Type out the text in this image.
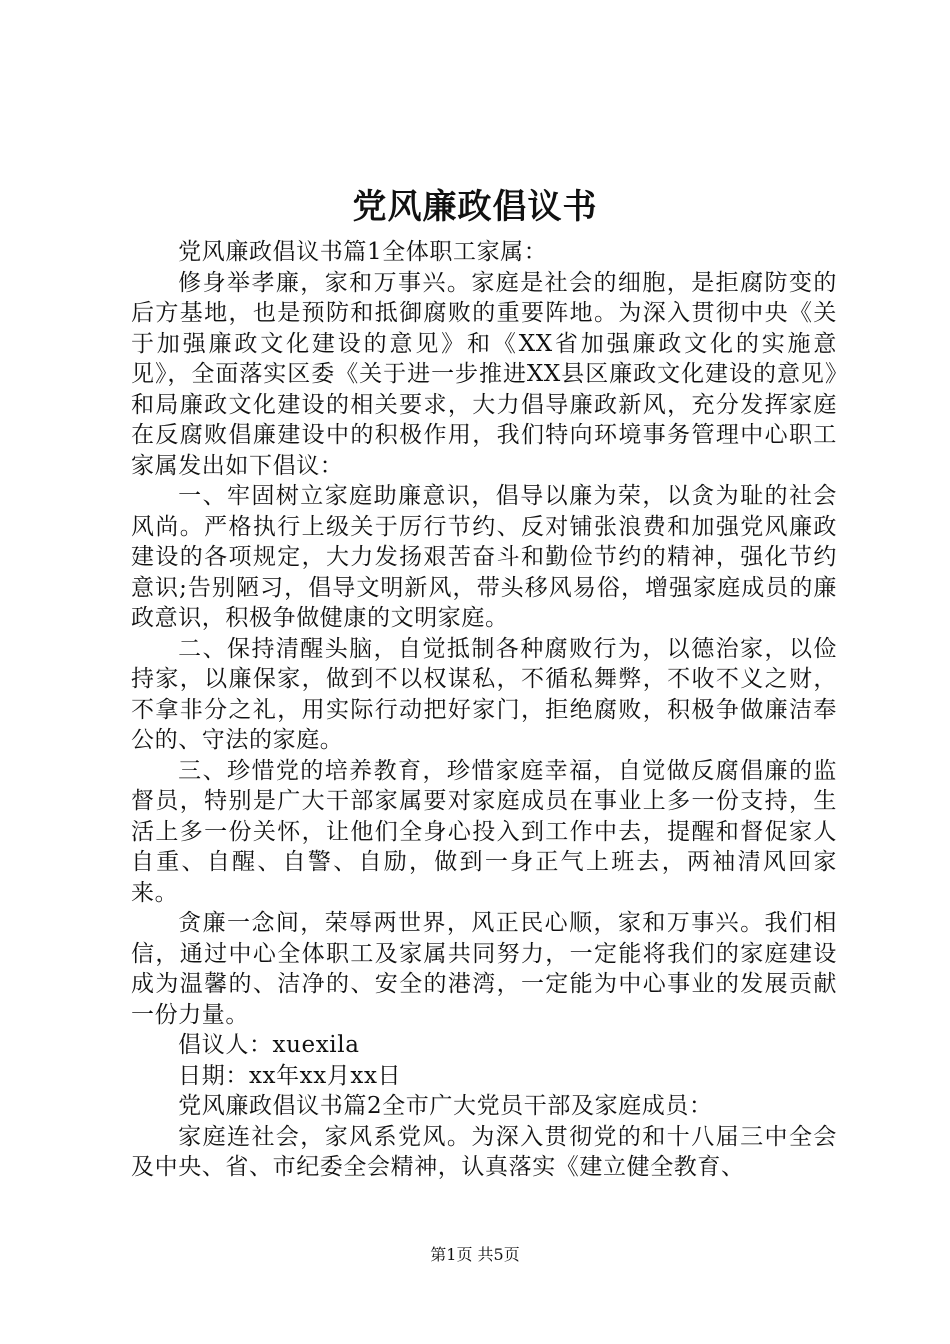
党风廉政倡议书

党风廉政倡议书篇1全体职工家属：

修身举孝廉，家和万事兴。家庭是社会的细胞，是拒腐防变的后方基地，也是预防和抵御腐败的重要阵地。为深入贯彻中央《关于加强廉政文化建设的意见》和《XX省加强廉政文化的实施意见》，全面落实区委《关于进一步推进XX县区廉政文化建设的意见》和局廉政文化建设的相关要求，大力倡导廉政新风，充分发挥家庭在反腐败倡廉建设中的积极作用，我们特向环境事务管理中心职工家属发出如下倡议：

一、牢固树立家庭助廉意识，倡导以廉为荣，以贪为耻的社会风尚。严格执行上级关于厉行节约、反对铺张浪费和加强党风廉政建设的各项规定，大力发扬艰苦奋斗和勤俭节约的精神，强化节约意识;告别陋习，倡导文明新风，带头移风易俗，增强家庭成员的廉政意识，积极争做健康的文明家庭。

二、保持清醒头脑，自觉抵制各种腐败行为，以德治家，以俭持家，以廉保家，做到不以权谋私，不循私舞弊，不收不义之财，不拿非分之礼，用实际行动把好家门，拒绝腐败，积极争做廉洁奉公的、守法的家庭。

三、珍惜党的培养教育，珍惜家庭幸福，自觉做反腐倡廉的监督员，特别是广大干部家属要对家庭成员在事业上多一份支持，生活上多一份关怀，让他们全身心投入到工作中去，提醒和督促家人自重、自醒、自警、自励，做到一身正气上班去，两袖清风回家来。

贪廉一念间，荣辱两世界，风正民心顺，家和万事兴。我们相信，通过中心全体职工及家属共同努力，一定能将我们的家庭建设成为温馨的、洁净的、安全的港湾，一定能为中心事业的发展贡献一份力量。

倡议人：xuexila

日期：xx年xx月xx日

党风廉政倡议书篇2全市广大党员干部及家庭成员：

家庭连社会，家风系党风。为深入贯彻党的和十八届三中全会及中央、省、市纪委全会精神，认真落实《建立健全教育、

第1页 共5页
